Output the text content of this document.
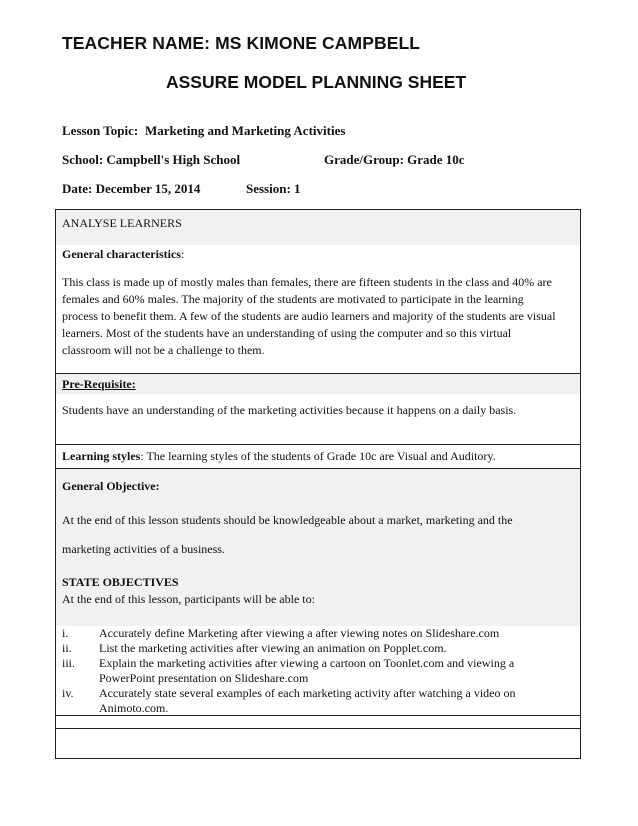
TEACHER NAME: MS KIMONE CAMPBELL
ASSURE MODEL PLANNING SHEET
Lesson Topic: Marketing and Marketing Activities
School: Campbell's High School	Grade/Group: Grade 10c
Date: December 15, 2014	Session: 1
ANALYSE LEARNERS
General characteristics:
This class is made up of mostly males than females, there are fifteen students in the class and 40% are
females and 60% males. The majority of the students are motivated to participate in the learning
process to benefit them. A few of the students are audio learners and majority of the students are visual
learners. Most of the students have an understanding of using the computer and so this virtual
classroom will not be a challenge to them.
Pre-Requisite:
Students have an understanding of the marketing activities because it happens on a daily basis.
Learning styles: The learning styles of the students of Grade 10c are Visual and Auditory.
General Objective:
At the end of this lesson students should be knowledgeable about a market, marketing and the
marketing activities of a business.
STATE OBJECTIVES
At the end of this lesson, participants will be able to:
i.	Accurately define Marketing after viewing a after viewing notes on Slideshare.com
ii. List the marketing activities after viewing an animation on Popplet.com.
iii. Explain the marketing activities after viewing a cartoon on Toonlet.com and viewing a
PowerPoint presentation on Slideshare.com
iv. Accurately state several examples of each marketing activity after watching a video on
Animoto.com.
